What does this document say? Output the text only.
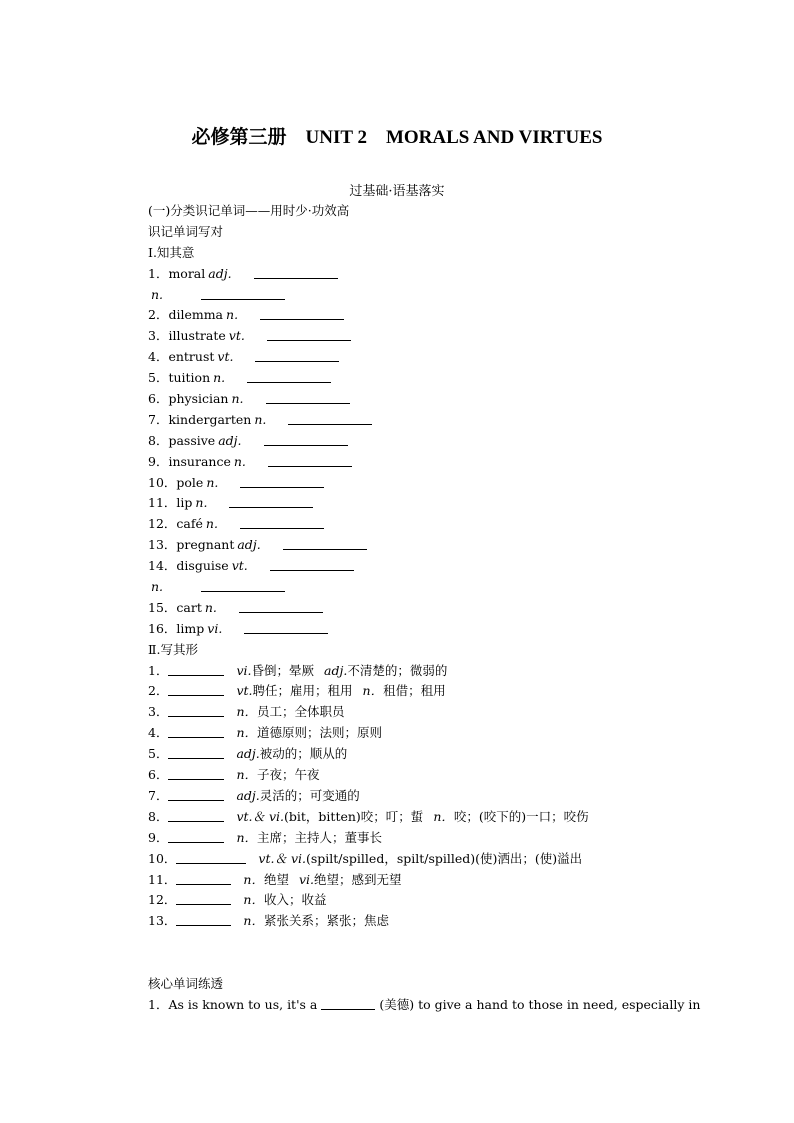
必修第三册    UNIT 2    MORALS AND VIRTUES
过基础·语基落实
(一)分类识记单词——用时少·功效高
识记单词写对
Ⅰ.知其意
1．moral adj.
n.
2．dilemma n.
3．illustrate vt.
4．entrust vt.
5．tuition n.
6．physician n.
7．kindergarten n.
8．passive adj.
9．insurance n.
10．pole n.
11．lip n.
12．café n.
13．pregnant adj.
14．disguise vt.
n.
15．cart n.
16．limp vi.
Ⅱ.写其形
1．	vi.昏倒；晕厥 adj.不清楚的；微弱的
2．	vt.聘任；雇用；租用 n．租借；租用
3．	n．员工；全体职员
4．	n．道德原则；法则；原则
5．	adj.被动的；顺从的
6．	n．子夜；午夜
7．	adj.灵活的；可变通的
8．	vt.＆ vi.(bit，bitten)咬；叮；蜇 n．咬；(咬下的)一口；咬伤
9．	n．主席；主持人；董事长
10．	vt.＆ vi.(spilt/spilled，spilt/spilled)(使)洒出；(使)溢出
11．	n．绝望 vi.绝望；感到无望
12．	n．收入；收益
13．	n．紧张关系；紧张；焦虑
核心单词练透
1．As is known to us, it's a	(美德) to give a hand to those in need, especially in
